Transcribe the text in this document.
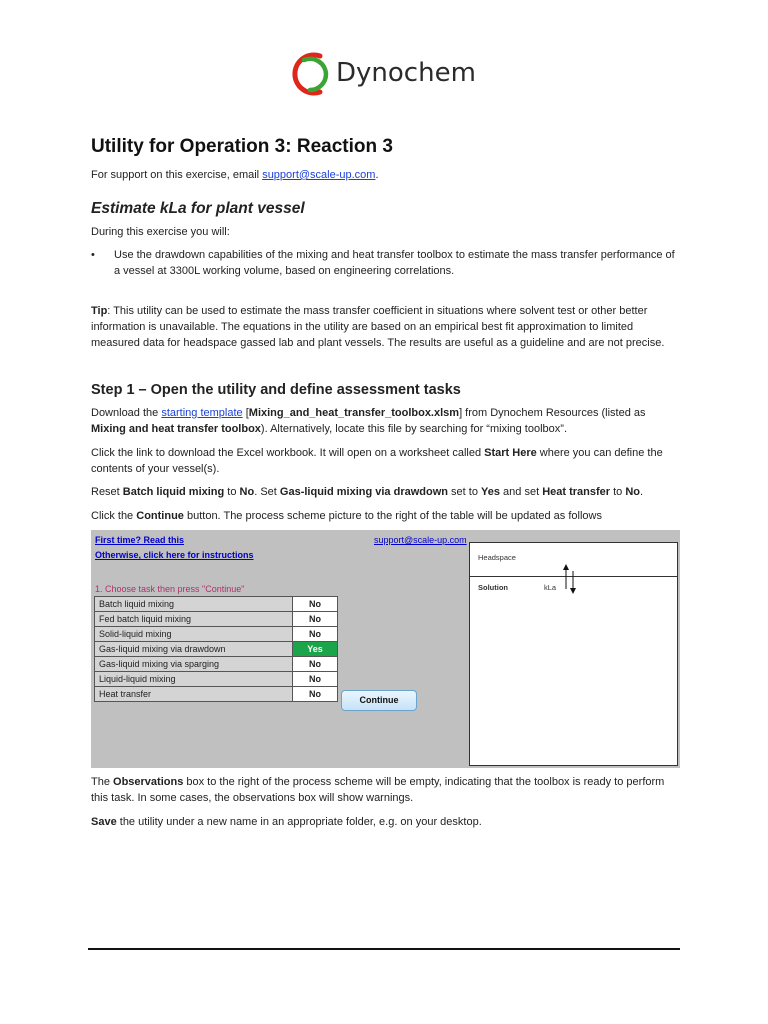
Dynochem
Utility for Operation 3: Reaction 3

For support on this exercise, email support@scale-up.com.

Estimate kLa for plant vessel

During this exercise you will:

• Use the drawdown capabilities of the mixing and heat transfer toolbox to estimate the mass transfer performance of a vessel at 3300L working volume, based on engineering correlations.

Tip: This utility can be used to estimate the mass transfer coefficient in situations where solvent test or other better information is unavailable. The equations in the utility are based on an empirical best fit approximation to limited measured data for headspace gassed lab and plant vessels. The results are useful as a guideline and are not precise.

Step 1 – Open the utility and define assessment tasks

Download the starting template [Mixing_and_heat_transfer_toolbox.xlsm] from Dynochem Resources (listed as Mixing and heat transfer toolbox). Alternatively, locate this file by searching for “mixing toolbox”.

Click the link to download the Excel workbook. It will open on a worksheet called Start Here where you can define the contents of your vessel(s).

Reset Batch liquid mixing to No. Set Gas-liquid mixing via drawdown set to Yes and set Heat transfer to No.

Click the Continue button. The process scheme picture to the right of the table will be updated as follows

First time? Read this
Otherwise, click here for instructions
support@scale-up.com
1. Choose task then press "Continue"
Batch liquid mixing	No
Fed batch liquid mixing	No
Solid-liquid mixing	No
Gas-liquid mixing via drawdown	Yes
Gas-liquid mixing via sparging	No
Liquid-liquid mixing	No
Heat transfer	No
Continue
Headspace
Solution	kLa

The Observations box to the right of the process scheme will be empty, indicating that the toolbox is ready to perform this task. In some cases, the observations box will show warnings.

Save the utility under a new name in an appropriate folder, e.g. on your desktop.
